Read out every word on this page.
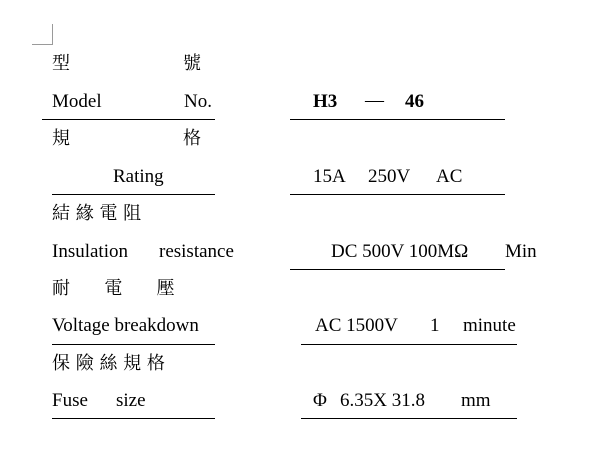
型	號
Model	No.	H3 — 46
規	格
Rating	15A 250V AC
結 緣 電 阻
Insulation resistance	DC 500V 100MΩ Min
耐      電      壓
Voltage breakdown	AC 1500V 1 minute
保 險 絲 規 格
Fuse size	Φ 6.35X 31.8 mm
